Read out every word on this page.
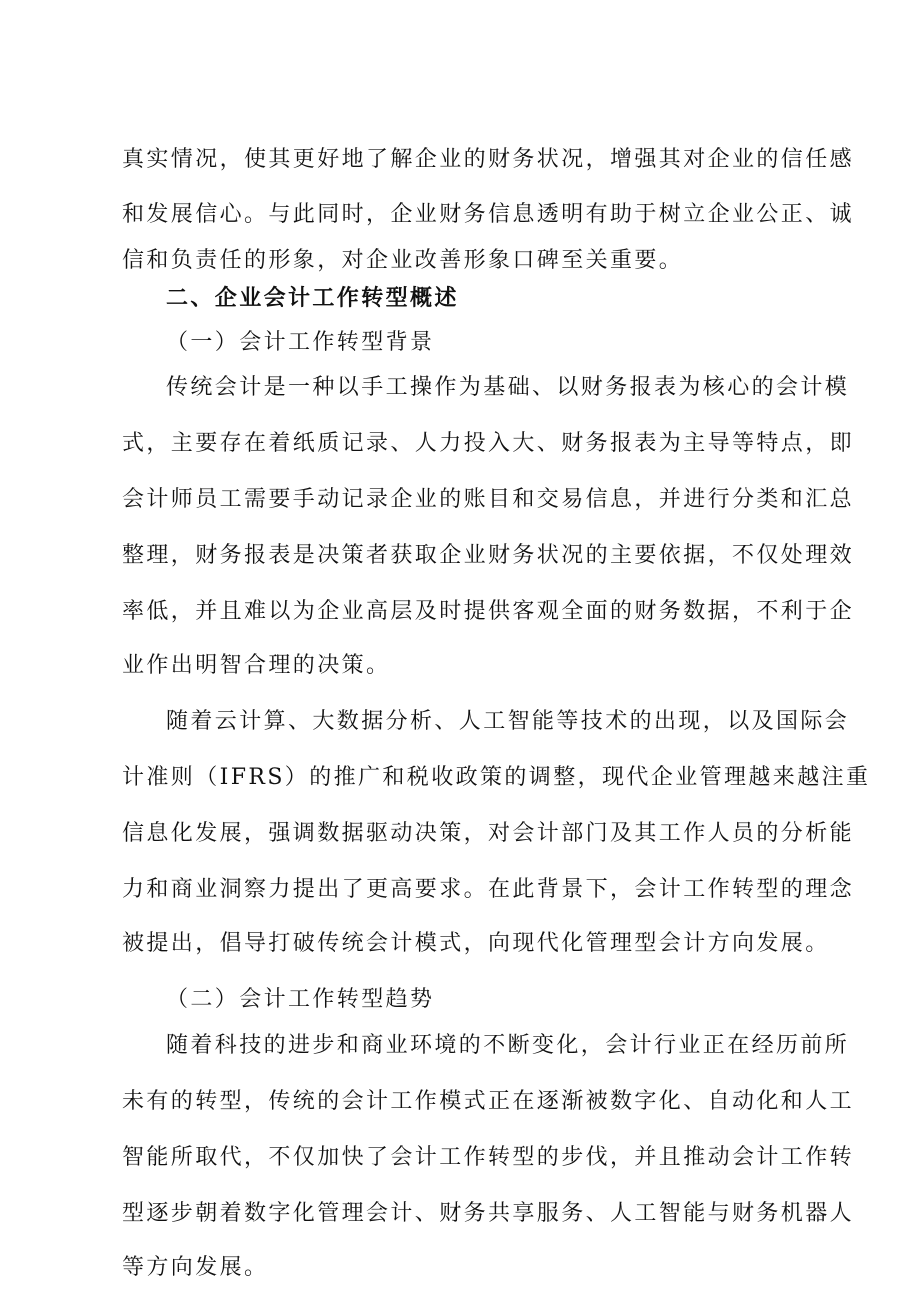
真实情况，使其更好地了解企业的财务状况，增强其对企业的信任感
和发展信心。与此同时，企业财务信息透明有助于树立企业公正、诚
信和负责任的形象，对企业改善形象口碑至关重要。
二、企业会计工作转型概述
（一）会计工作转型背景
传统会计是一种以手工操作为基础、以财务报表为核心的会计模
式，主要存在着纸质记录、人力投入大、财务报表为主导等特点，即
会计师员工需要手动记录企业的账目和交易信息，并进行分类和汇总
整理，财务报表是决策者获取企业财务状况的主要依据，不仅处理效
率低，并且难以为企业高层及时提供客观全面的财务数据，不利于企
业作出明智合理的决策。
随着云计算、大数据分析、人工智能等技术的出现，以及国际会
计准则（IFRS）的推广和税收政策的调整，现代企业管理越来越注重
信息化发展，强调数据驱动决策，对会计部门及其工作人员的分析能
力和商业洞察力提出了更高要求。在此背景下，会计工作转型的理念
被提出，倡导打破传统会计模式，向现代化管理型会计方向发展。
（二）会计工作转型趋势
随着科技的进步和商业环境的不断变化，会计行业正在经历前所
未有的转型，传统的会计工作模式正在逐渐被数字化、自动化和人工
智能所取代，不仅加快了会计工作转型的步伐，并且推动会计工作转
型逐步朝着数字化管理会计、财务共享服务、人工智能与财务机器人
等方向发展。
